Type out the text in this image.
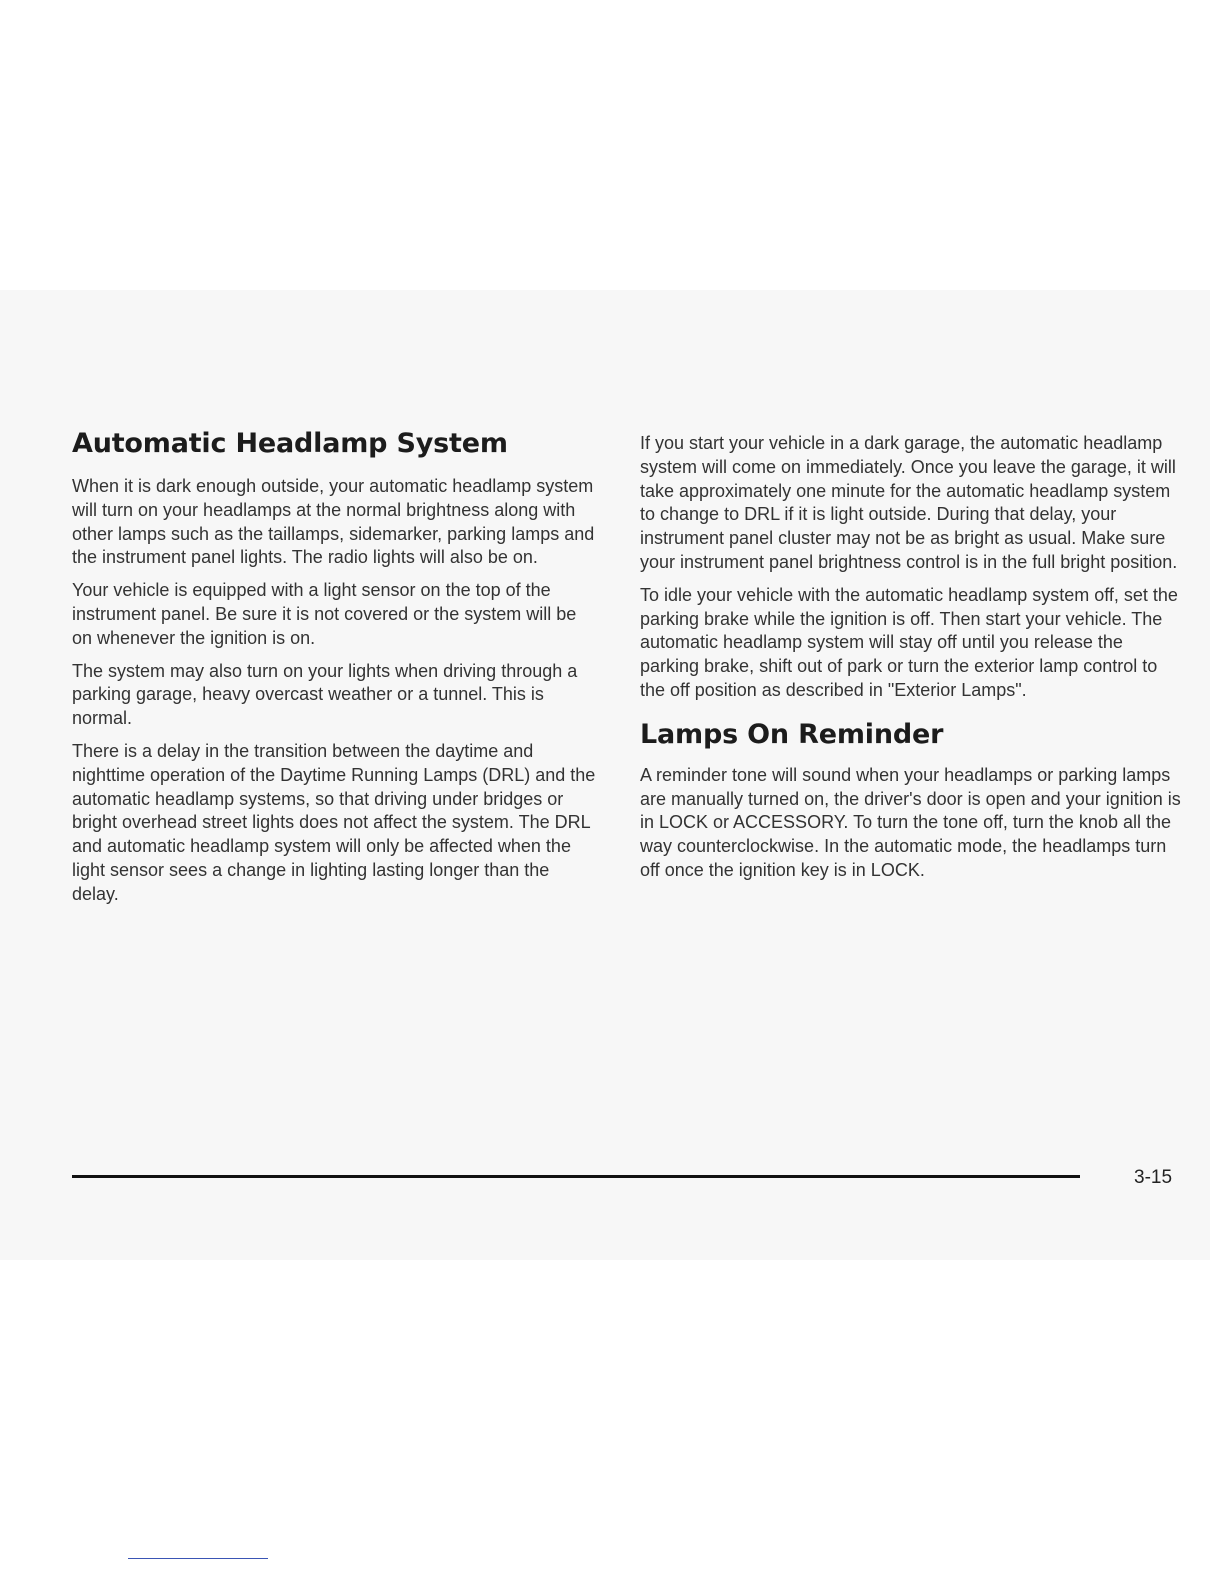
Automatic Headlamp System

When it is dark enough outside, your automatic headlamp system will turn on your headlamps at the normal brightness along with other lamps such as the taillamps, sidemarker, parking lamps and the instrument panel lights. The radio lights will also be on.

Your vehicle is equipped with a light sensor on the top of the instrument panel. Be sure it is not covered or the system will be on whenever the ignition is on.

The system may also turn on your lights when driving through a parking garage, heavy overcast weather or a tunnel. This is normal.

There is a delay in the transition between the daytime and nighttime operation of the Daytime Running Lamps (DRL) and the automatic headlamp systems, so that driving under bridges or bright overhead street lights does not affect the system. The DRL and automatic headlamp system will only be affected when the light sensor sees a change in lighting lasting longer than the delay.

If you start your vehicle in a dark garage, the automatic headlamp system will come on immediately. Once you leave the garage, it will take approximately one minute for the automatic headlamp system to change to DRL if it is light outside. During that delay, your instrument panel cluster may not be as bright as usual. Make sure your instrument panel brightness control is in the full bright position.

To idle your vehicle with the automatic headlamp system off, set the parking brake while the ignition is off. Then start your vehicle. The automatic headlamp system will stay off until you release the parking brake, shift out of park or turn the exterior lamp control to the off position as described in "Exterior Lamps".

Lamps On Reminder

A reminder tone will sound when your headlamps or parking lamps are manually turned on, the driver's door is open and your ignition is in LOCK or ACCESSORY. To turn the tone off, turn the knob all the way counterclockwise. In the automatic mode, the headlamps turn off once the ignition key is in LOCK.

3-15
